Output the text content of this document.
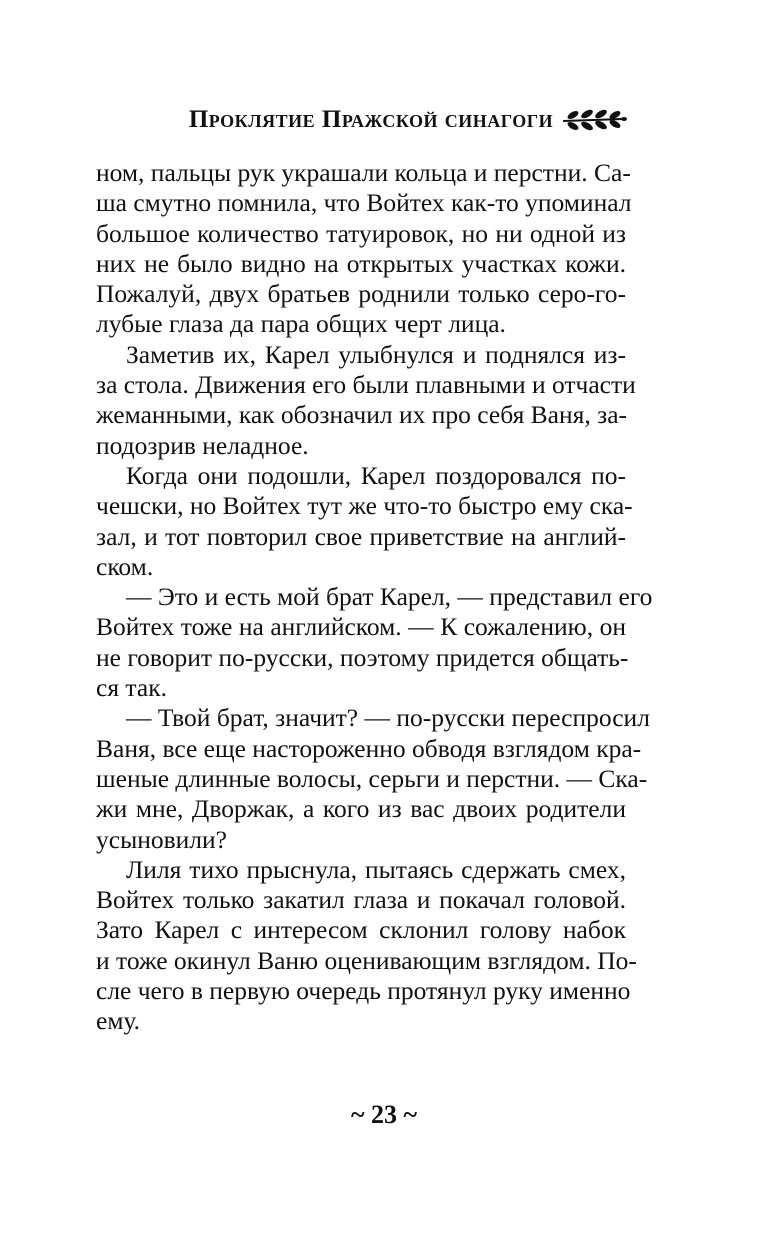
Проклятие Пражской синагоги
ном, пальцы рук украшали кольца и перстни. Са-
ша смутно помнила, что Войтех как-то упоминал
большое количество татуировок, но ни одной из
них не было видно на открытых участках кожи.
Пожалуй, двух братьев роднили только серо-го-
лубые глаза да пара общих черт лица.
Заметив их, Карел улыбнулся и поднялся из-
за стола. Движения его были плавными и отчасти
жеманными, как обозначил их про себя Ваня, за-
подозрив неладное.
Когда они подошли, Карел поздоровался по-
чешски, но Войтех тут же что-то быстро ему ска-
зал, и тот повторил свое приветствие на англий-
ском.
— Это и есть мой брат Карел, — представил его
Войтех тоже на английском. — К сожалению, он
не говорит по-русски, поэтому придется общать-
ся так.
— Твой брат, значит? — по-русски переспросил
Ваня, все еще настороженно обводя взглядом кра-
шеные длинные волосы, серьги и перстни. — Ска-
жи мне, Дворжак, а кого из вас двоих родители
усыновили?
Лиля тихо прыснула, пытаясь сдержать смех,
Войтех только закатил глаза и покачал головой.
Зато Карел с интересом склонил голову набок
и тоже окинул Ваню оценивающим взглядом. По-
сле чего в первую очередь протянул руку именно
ему.
~ 23 ~
